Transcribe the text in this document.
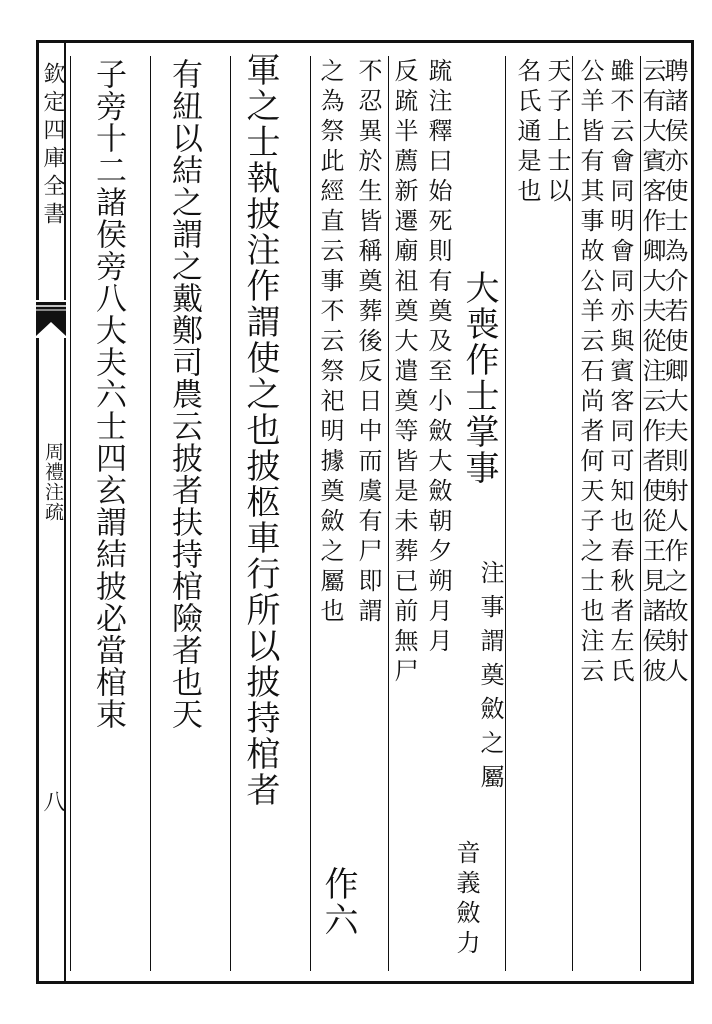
欽定四庫全書
周禮注疏
八
聘諸侯亦使士為介若使卿大夫則射人作之故射人
云有大賓客作卿大夫從注云作者使從王見諸侯彼
雖不云會同明會同亦與賓客同可知也春秋者左氏
公羊皆有其事故公羊云石尚者何天子之士也注云
天子上士以
名氏通是也
大喪作士掌事
注事謂奠斂之屬
音義斂力
䟽注釋曰始死則有奠及至小斂大斂朝夕朔月月
反䟽半薦新遷廟祖奠大遣奠等皆是未葬已前無尸
不忍異於生皆稱奠葬後反日中而虞有尸即謂
之為祭此經直云事不云祭祀明據奠斂之屬也
作六
軍之士執披注作謂使之也披柩車行所以披持棺者
有紐以結之謂之戴鄭司農云披者扶持棺險者也天
子旁十二諸侯旁八大夫六士四玄謂結披必當棺束
